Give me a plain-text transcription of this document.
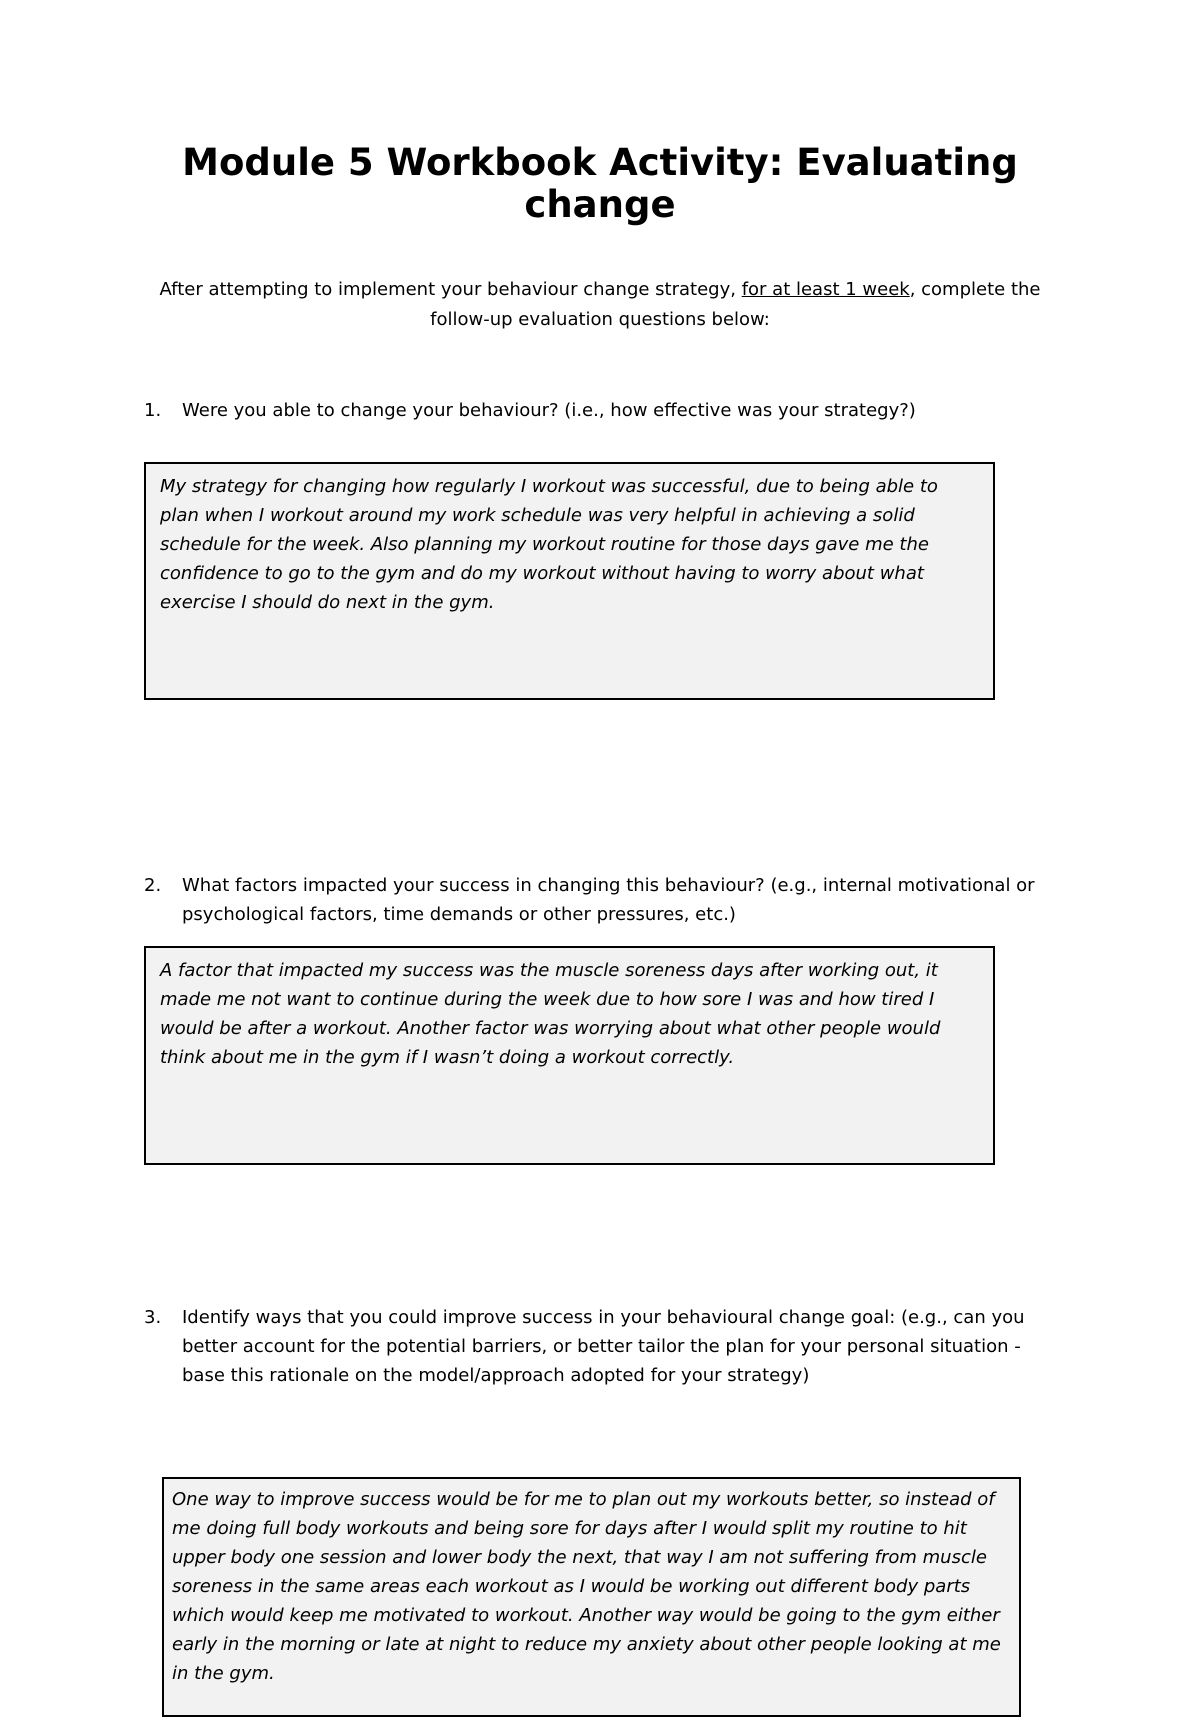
Module 5 Workbook Activity: Evaluating change

After attempting to implement your behaviour change strategy, for at least 1 week, complete the follow-up evaluation questions below:

1.	Were you able to change your behaviour? (i.e., how effective was your strategy?)
My strategy for changing how regularly I workout was successful, due to being able to plan when I workout around my work schedule was very helpful in achieving a solid schedule for the week. Also planning my workout routine for those days gave me the confidence to go to the gym and do my workout without having to worry about what exercise I should do next in the gym.
2.	What factors impacted your success in changing this behaviour? (e.g., internal motivational or psychological factors, time demands or other pressures, etc.)
A factor that impacted my success was the muscle soreness days after working out, it made me not want to continue during the week due to how sore I was and how tired I would be after a workout. Another factor was worrying about what other people would think about me in the gym if I wasn’t doing a workout correctly.
3.	Identify ways that you could improve success in your behavioural change goal: (e.g., can you better account for the potential barriers, or better tailor the plan for your personal situation - base this rationale on the model/approach adopted for your strategy)
One way to improve success would be for me to plan out my workouts better, so instead of me doing full body workouts and being sore for days after I would split my routine to hit upper body one session and lower body the next, that way I am not suffering from muscle soreness in the same areas each workout as I would be working out different body parts which would keep me motivated to workout. Another way would be going to the gym either early in the morning or late at night to reduce my anxiety about other people looking at me in the gym.
